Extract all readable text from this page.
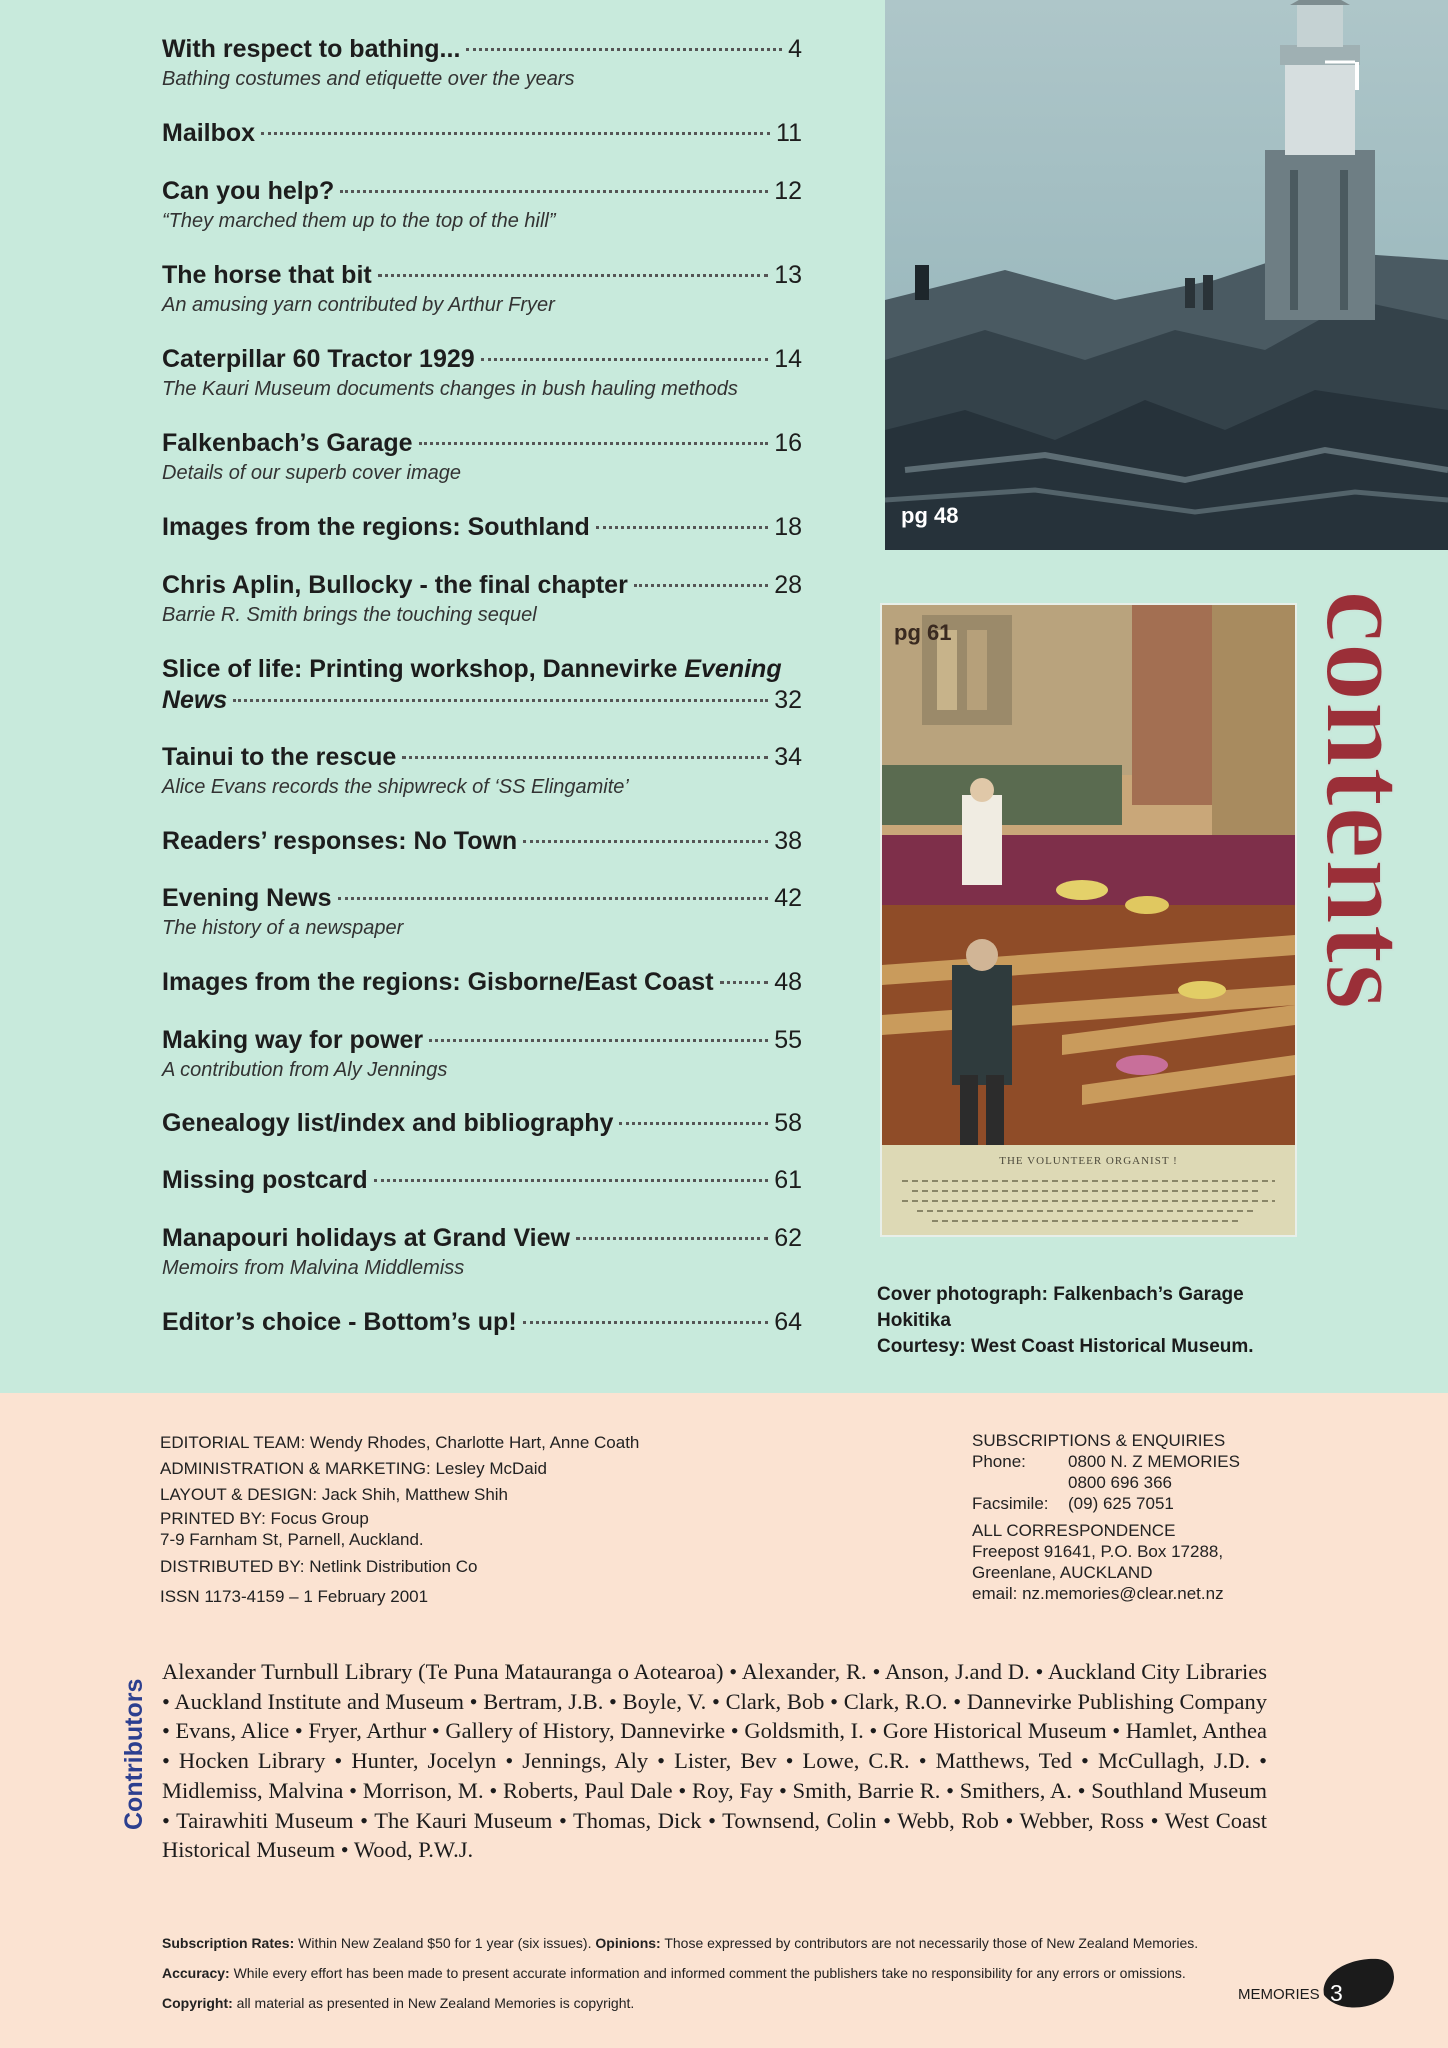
With respect to bathing...	4
Bathing costumes and etiquette over the years
Mailbox	11
Can you help?	12
“They marched them up to the top of the hill”
The horse that bit	13
An amusing yarn contributed by Arthur Fryer
Caterpillar 60 Tractor 1929	14
The Kauri Museum documents changes in bush hauling methods
Falkenbach’s Garage	16
Details of our superb cover image
Images from the regions: Southland	18
Chris Aplin, Bullocky - the final chapter	28
Barrie R. Smith brings the touching sequel
Slice of life: Printing workshop, Dannevirke Evening
News	32
Tainui to the rescue	34
Alice Evans records the shipwreck of ‘SS Elingamite’
Readers’ responses: No Town	38
Evening News	42
The history of a newspaper
Images from the regions: Gisborne/East Coast 48
Making way for power	55
A contribution from Aly Jennings
Genealogy list/index and bibliography	58
Missing postcard	61
Manapouri holidays at Grand View	62
Memoirs from Malvina Middlemiss
Editor’s choice - Bottom’s up!	64
pg 48
THE VOLUNTEER ORGANIST !
pg 61	contents
Cover photograph: Falkenbach’s Garage
Hokitika
Courtesy: West Coast Historical Museum.
EDITORIAL TEAM: Wendy Rhodes, Charlotte Hart, Anne Coath
ADMINISTRATION & MARKETING: Lesley McDaid
LAYOUT & DESIGN: Jack Shih, Matthew Shih
PRINTED BY: Focus Group
7-9 Farnham St, Parnell, Auckland.
DISTRIBUTED BY: Netlink Distribution Co
ISSN 1173-4159 – 1 February 2001
SUBSCRIPTIONS & ENQUIRIES
Phone:	0800 N. Z MEMORIES
0800 696 366
Facsimile:	(09) 625 7051
ALL CORRESPONDENCE
Freepost 91641, P.O. Box 17288,
Greenlane, AUCKLAND
email: nz.memories@clear.net.nz
Contributors
Alexander Turnbull Library (Te Puna Matauranga o Aotearoa) • Alexander, R. • Anson, J.and D. • Auckland City Libraries • Auckland Institute and Museum • Bertram, J.B. • Boyle, V. • Clark, Bob • Clark, R.O. • Dannevirke Publishing Company • Evans, Alice • Fryer, Arthur • Gallery of History, Dannevirke • Goldsmith, I. • Gore Historical Museum • Hamlet, Anthea • Hocken Library • Hunter, Jocelyn • Jennings, Aly • Lister, Bev • Lowe, C.R. • Matthews, Ted • McCullagh, J.D. • Midlemiss, Malvina • Morrison, M. • Roberts, Paul Dale • Roy, Fay • Smith, Barrie R. • Smithers, A. • Southland Museum • Tairawhiti Museum • The Kauri Museum • Thomas, Dick • Townsend, Colin • Webb, Rob • Webber, Ross • West Coast Historical Museum • Wood, P.W.J.
Subscription Rates: Within New Zealand $50 for 1 year (six issues). Opinions: Those expressed by contributors are not necessarily those of New Zealand Memories. Accuracy: While every effort has been made to present accurate information and informed comment the publishers take no responsibility for any errors or omissions. Copyright: all material as presented in New Zealand Memories is copyright.	MEMORIES 3
